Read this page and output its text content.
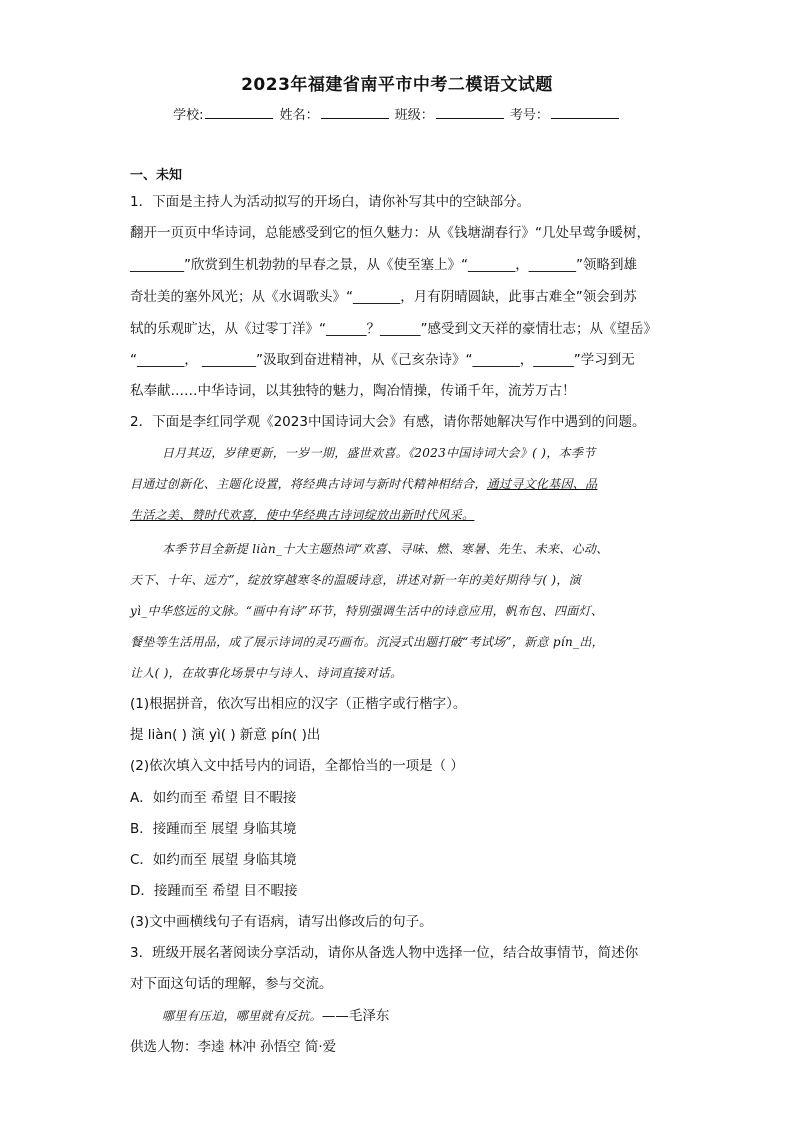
2023年福建省南平市中考二模语文试题
学校:	姓名：	班级：	考号：
一、未知
1．下面是主持人为活动拟写的开场白，请你补写其中的空缺部分。
翻开一页页中华诗词，总能感受到它的恒久魅力：从《钱塘湖春行》“几处早莺争暖树，
________”欣赏到生机勃勃的早春之景，从《使至塞上》“_______，_______”领略到雄
奇壮美的塞外风光；从《水调歌头》“_______，月有阴晴圆缺，此事古难全”领会到苏
轼的乐观旷达，从《过零丁洋》“______？______”感受到文天祥的豪情壮志；从《望岳》
“_______， ________”汲取到奋进精神，从《己亥杂诗》“_______，______”学习到无
私奉献……中华诗词，以其独特的魅力，陶冶情操，传诵千年，流芳万古！
2．下面是李红同学观《2023中国诗词大会》有感，请你帮她解决写作中遇到的问题。
日月其迈，岁律更新，一岁一期，盛世欢喜。《2023中国诗词大会》( )，本季节
目通过创新化、主题化设置，将经典古诗词与新时代精神相结合，通过寻文化基因、品
生活之美、赞时代欢喜，使中华经典古诗词绽放出新时代风采。
本季节目全新提 liàn_十大主题热词“欢喜、寻味、燃、寒暑、先生、未来、心动、
天下、十年、远方”，绽放穿越寒冬的温暖诗意，讲述对新一年的美好期待与( )，演
yì_中华悠远的文脉。“画中有诗”环节，特别强调生活中的诗意应用，帆布包、四面灯、
餐垫等生活用品，成了展示诗词的灵巧画布。沉浸式出题打破“考试场”，新意 pín_出，
让人( )，在故事化场景中与诗人、诗词直接对话。
(1)根据拼音，依次写出相应的汉字（正楷字或行楷字）。
提 liàn( ) 演 yì( ) 新意 pín( )出
(2)依次填入文中括号内的词语，全都恰当的一项是（ ）
A．如约而至 希望 目不暇接
B．接踵而至 展望 身临其境
C．如约而至 展望 身临其境
D．接踵而至 希望 目不暇接
(3)文中画横线句子有语病，请写出修改后的句子。
3．班级开展名著阅读分享活动，请你从备选人物中选择一位，结合故事情节，简述你
对下面这句话的理解，参与交流。
哪里有压迫，哪里就有反抗。——毛泽东
供选人物：李逵 林冲 孙悟空 简·爱
